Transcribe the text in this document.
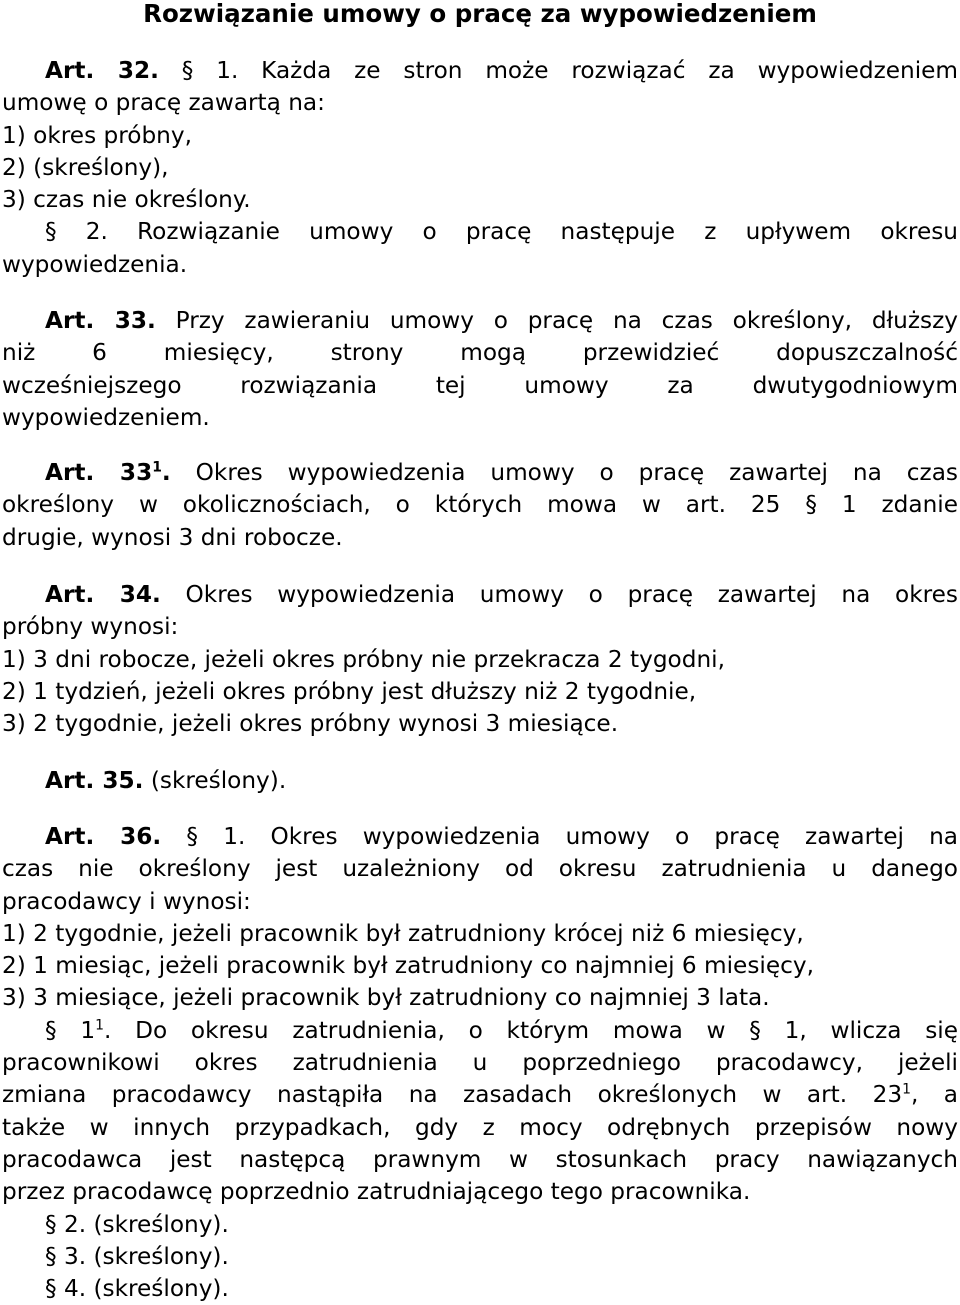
Rozwiązanie umowy o pracę za wypowiedzeniem
Art. 32. § 1. Każda ze stron może rozwiązać za wypowiedzeniem
umowę o pracę zawartą na:
1) okres próbny,
2) (skreślony),
3) czas nie określony.
§ 2. Rozwiązanie umowy o pracę następuje z upływem okresu
wypowiedzenia.
Art. 33. Przy zawieraniu umowy o pracę na czas określony, dłuższy
niż 6 miesięcy, strony mogą przewidzieć dopuszczalność
wcześniejszego rozwiązania tej umowy za dwutygodniowym
wypowiedzeniem.
Art. $33^1$. Okres wypowiedzenia umowy o pracę zawartej na czas
określony w okolicznościach, o których mowa w art. 25 § 1 zdanie
drugie, wynosi 3 dni robocze.
Art. 34. Okres wypowiedzenia umowy o pracę zawartej na okres
próbny wynosi:
1) 3 dni robocze, jeżeli okres próbny nie przekracza 2 tygodni,
2) 1 tydzień, jeżeli okres próbny jest dłuższy niż 2 tygodnie,
3) 2 tygodnie, jeżeli okres próbny wynosi 3 miesiące.
Art. 35. (skreślony).
Art. 36. § 1. Okres wypowiedzenia umowy o pracę zawartej na
czas nie określony jest uzależniony od okresu zatrudnienia u danego
pracodawcy i wynosi:
1) 2 tygodnie, jeżeli pracownik był zatrudniony krócej niż 6 miesięcy,
2) 1 miesiąc, jeżeli pracownik był zatrudniony co najmniej 6 miesięcy,
3) 3 miesiące, jeżeli pracownik był zatrudniony co najmniej 3 lata.
§ $1^1$. Do okresu zatrudnienia, o którym mowa w § 1, wlicza się
pracownikowi okres zatrudnienia u poprzedniego pracodawcy, jeżeli
zmiana pracodawcy nastąpiła na zasadach określonych w art. $23^1$, a
także w innych przypadkach, gdy z mocy odrębnych przepisów nowy
pracodawca jest następcą prawnym w stosunkach pracy nawiązanych
przez pracodawcę poprzednio zatrudniającego tego pracownika.
§ 2. (skreślony).
§ 3. (skreślony).
§ 4. (skreślony).
